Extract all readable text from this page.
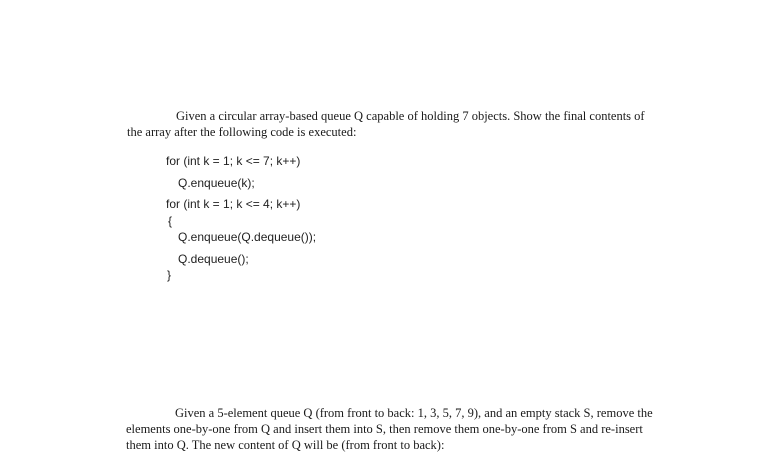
Given a circular array-based queue Q capable of holding 7 objects. Show the final contents of
the array after the following code is executed:
for (int k = 1; k <= 7; k++)
Q.enqueue(k);
for (int k = 1; k <= 4; k++)
{
Q.enqueue(Q.dequeue());
Q.dequeue();
}
Given a 5-element queue Q (from front to back: 1, 3, 5, 7, 9), and an empty stack S, remove the
elements one-by-one from Q and insert them into S, then remove them one-by-one from S and re-insert
them into Q. The new content of Q will be (from front to back):
